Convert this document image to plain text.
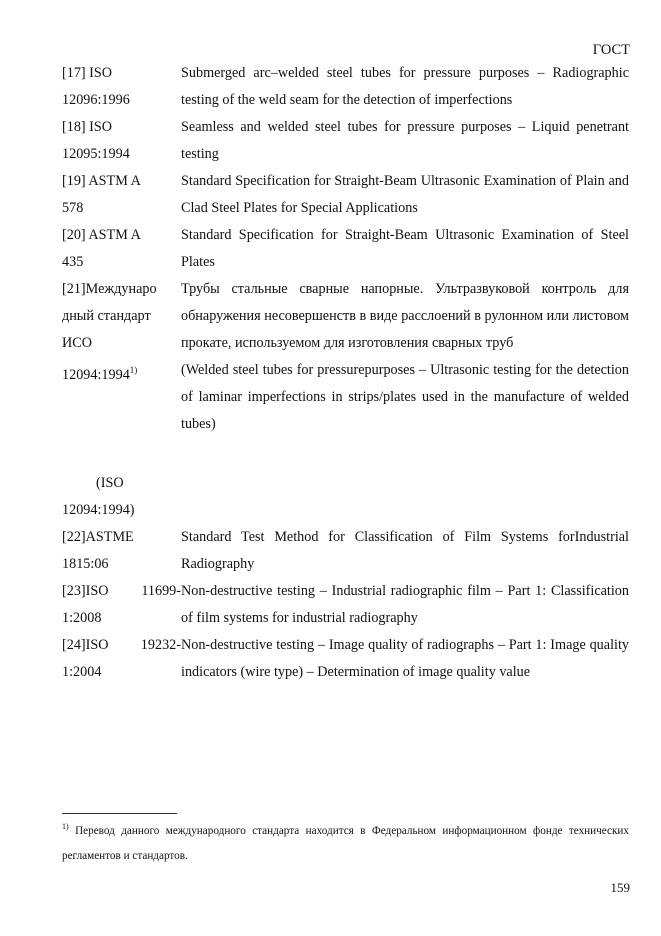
ГОСТ
[17] ISO
12096:1996

Submerged arc–welded steel tubes for pressure purposes – Radiographic testing of the weld seam for the detection of imperfections

[18] ISO
12095:1994

Seamless and welded steel tubes for pressure purposes – Liquid penetrant testing

[19] ASTM A
578

Standard Specification for Straight-Beam Ultrasonic Examination of Plain and Clad Steel Plates for Special Applications

[20] ASTM A
435

Standard Specification for Straight-Beam Ultrasonic Examination of Steel Plates

[21]Междунаро
дный стандарт
ИСО
12094:1994$^{1)}$

(ISO
12094:1994)

Трубы стальные сварные напорные. Ультразвуковой контроль для обнаружения несовершенств в виде расслоений в рулонном или листовом прокате, используемом для изготовления сварных труб

(Welded steel tubes for pressurepurposes – Ultrasonic testing for the detection of laminar imperfections in strips/plates used in the manufacture of welded tubes)

[22]ASTME
1815:06

Standard Test Method for Classification of Film Systems forIndustrial Radiography

[23]ISO 11699-
1:2008

Non-destructive testing – Industrial radiographic film – Part 1: Classification of film systems for industrial radiography

[24]ISO 19232-
1:2004

Non-destructive testing – Image quality of radiographs – Part 1: Image quality indicators (wire type) – Determination of image quality value

$^{1)}$ Перевод данного международного стандарта находится в Федеральном информационном фонде технических регламентов и стандартов.
159
